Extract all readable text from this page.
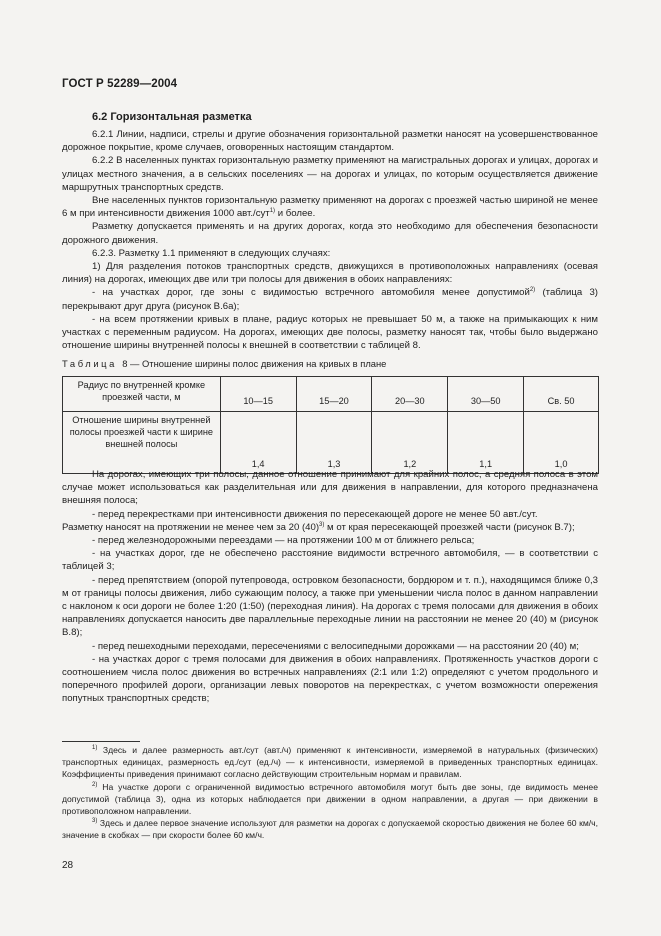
ГОСТ Р 52289—2004
6.2 Горизонтальная разметка

6.2.1 Линии, надписи, стрелы и другие обозначения горизонтальной разметки наносят на усовершенствованное дорожное покрытие, кроме случаев, оговоренных настоящим стандартом.

6.2.2 В населенных пунктах горизонтальную разметку применяют на магистральных дорогах и улицах, дорогах и улицах местного значения, а в сельских поселениях — на дорогах и улицах, по которым осуществляется движение маршрутных транспортных средств.

Вне населенных пунктов горизонтальную разметку применяют на дорогах с проезжей частью шириной не менее 6 м при интенсивности движения 1000 авт./сут$^{1)}$ и более.

Разметку допускается применять и на других дорогах, когда это необходимо для обеспечения безопасности дорожного движения.

6.2.3. Разметку 1.1 применяют в следующих случаях:

1) Для разделения потоков транспортных средств, движущихся в противоположных направлениях (осевая линия) на дорогах, имеющих две или три полосы для движения в обоих направлениях:

- на участках дорог, где зоны с видимостью встречного автомобиля менее допустимой$^{2)}$ (таблица 3) перекрывают друг друга (рисунок В.6а);

- на всем протяжении кривых в плане, радиус которых не превышает 50 м, а также на примыкающих к ним участках с переменным радиусом. На дорогах, имеющих две полосы, разметку наносят так, чтобы было выдержано отношение ширины внутренней полосы к внешней в соответствии с таблицей 8.

Таблица 8 — Отношение ширины полос движения на кривых в плане
Радиус по внутренней кромке проезжей части, м	10—15	15—20	20—30	30—50	Св. 50
Отношение ширины внутренней полосы проезжей части к ширине внешней полосы	1,4	1,3	1,2	1,1	1,0

На дорогах, имеющих три полосы, данное отношение принимают для крайних полос, а средняя полоса в этом случае может использоваться как разделительная или для движения в направлении, для которого предназначена внешняя полоса;

- перед перекрестками при интенсивности движения по пересекающей дороге не менее 50 авт./сут.

Разметку наносят на протяжении не менее чем за 20 $(40)^{3)}$ м от края пересекающей проезжей части (рисунок В.7);

- перед железнодорожными переездами — на протяжении 100 м от ближнего рельса;

- на участках дорог, где не обеспечено расстояние видимости встречного автомобиля, — в соответствии с таблицей 3;

- перед препятствием (опорой путепровода, островком безопасности, бордюром и т. п.), находящимся ближе 0,3 м от границы полосы движения, либо сужающим полосу, а также при уменьшении числа полос в данном направлении с наклоном к оси дороги не более 1:20 (1:50) (переходная линия). На дорогах с тремя полосами для движения в обоих направлениях допускается наносить две параллельные переходные линии на расстоянии не менее 20 (40) м (рисунок В.8);

- перед пешеходными переходами, пересечениями с велосипедными дорожками — на расстоянии 20 (40) м;

- на участках дорог с тремя полосами для движения в обоих направлениях. Протяженность участков дороги с соотношением числа полос движения во встречных направлениях (2:1 или 1:2) определяют с учетом продольного и поперечного профилей дороги, организации левых поворотов на перекрестках, с учетом возможности опережения попутных транспортных средств;

$^{1)}$ Здесь и далее размерность авт./сут (авт./ч) применяют к интенсивности, измеряемой в натуральных (физических) транспортных единицах, размерность ед./сут (ед./ч) — к интенсивности, измеряемой в приведенных транспортных единицах. Коэффициенты приведения принимают согласно действующим строительным нормам и правилам.

$^{2)}$ На участке дороги с ограниченной видимостью встречного автомобиля могут быть две зоны, где видимость менее допустимой (таблица 3), одна из которых наблюдается при движении в одном направлении, а другая — при движении в противоположном направлении.

$^{3)}$ Здесь и далее первое значение используют для разметки на дорогах с допускаемой скоростью движения не более 60 км/ч, значение в скобках — при скорости более 60 км/ч.

28
